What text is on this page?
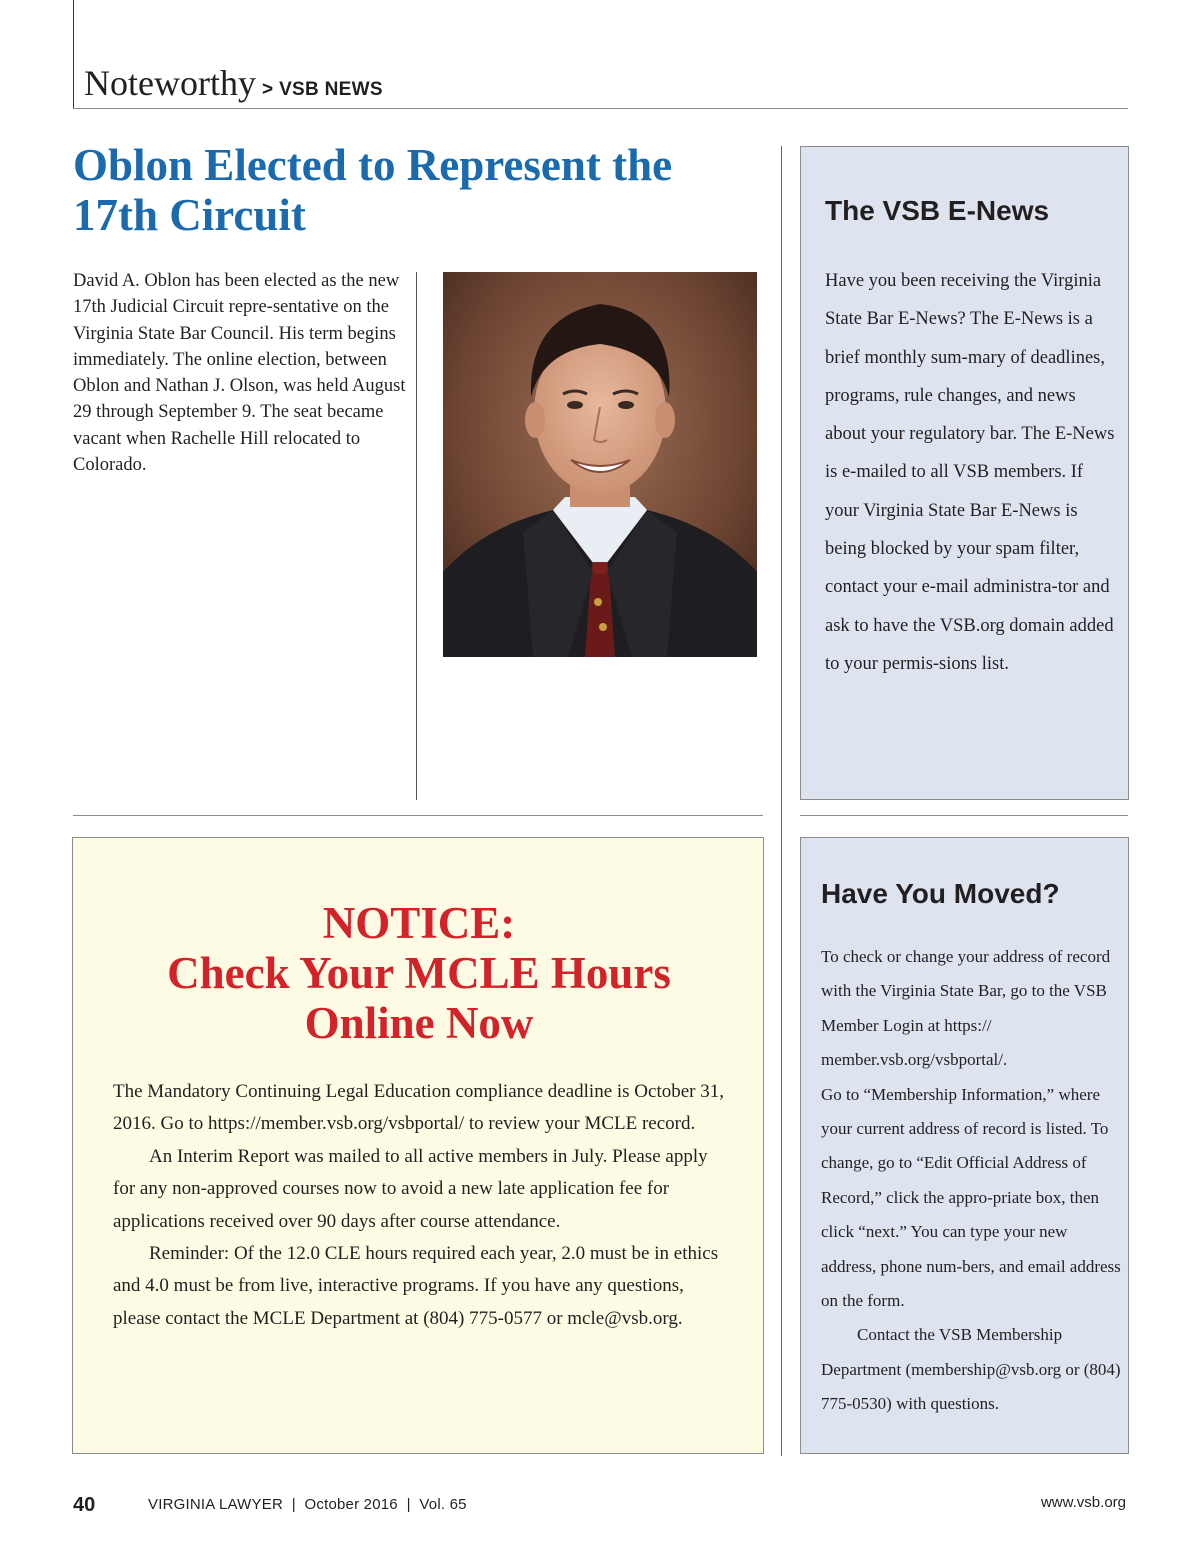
Noteworthy > VSB NEWS
Oblon Elected to Represent the 17th Circuit

David A. Oblon has been elected as the new 17th Judicial Circuit repre-sentative on the Virginia State Bar Council. His term begins immediately. The online election, between Oblon and Nathan J. Olson, was held August 29 through September 9. The seat became vacant when Rachelle Hill relocated to Colorado.

The VSB E-News

Have you been receiving the Virginia State Bar E-News? The E-News is a brief monthly sum-mary of deadlines, programs, rule changes, and news about your regulatory bar. The E-News is e-mailed to all VSB members. If your Virginia State Bar E-News is being blocked by your spam filter, contact your e-mail administra-tor and ask to have the VSB.org domain added to your permis-sions list.

NOTICE:
Check Your MCLE Hours
Online Now

The Mandatory Continuing Legal Education compliance deadline is October 31, 2016. Go to https://member.vsb.org/vsbportal/ to review your MCLE record.

An Interim Report was mailed to all active members in July. Please apply for any non-approved courses now to avoid a new late application fee for applications received over 90 days after course attendance.

Reminder: Of the 12.0 CLE hours required each year, 2.0 must be in ethics and 4.0 must be from live, interactive programs. If you have any questions, please contact the MCLE Department at (804) 775-0577 or mcle@vsb.org.

Have You Moved?

To check or change your address of record with the Virginia State Bar, go to the VSB Member Login at https:// member.vsb.org/vsbportal/.

Go to “Membership Information,” where your current address of record is listed. To change, go to “Edit Official Address of Record,” click the appro-priate box, then click “next.” You can type your new address, phone num-bers, and email address on the form.

Contact the VSB Membership Department (membership@vsb.org or (804) 775-0530) with questions.

40	VIRGINIA LAWYER  |  October 2016  |  Vol. 65	www.vsb.org
